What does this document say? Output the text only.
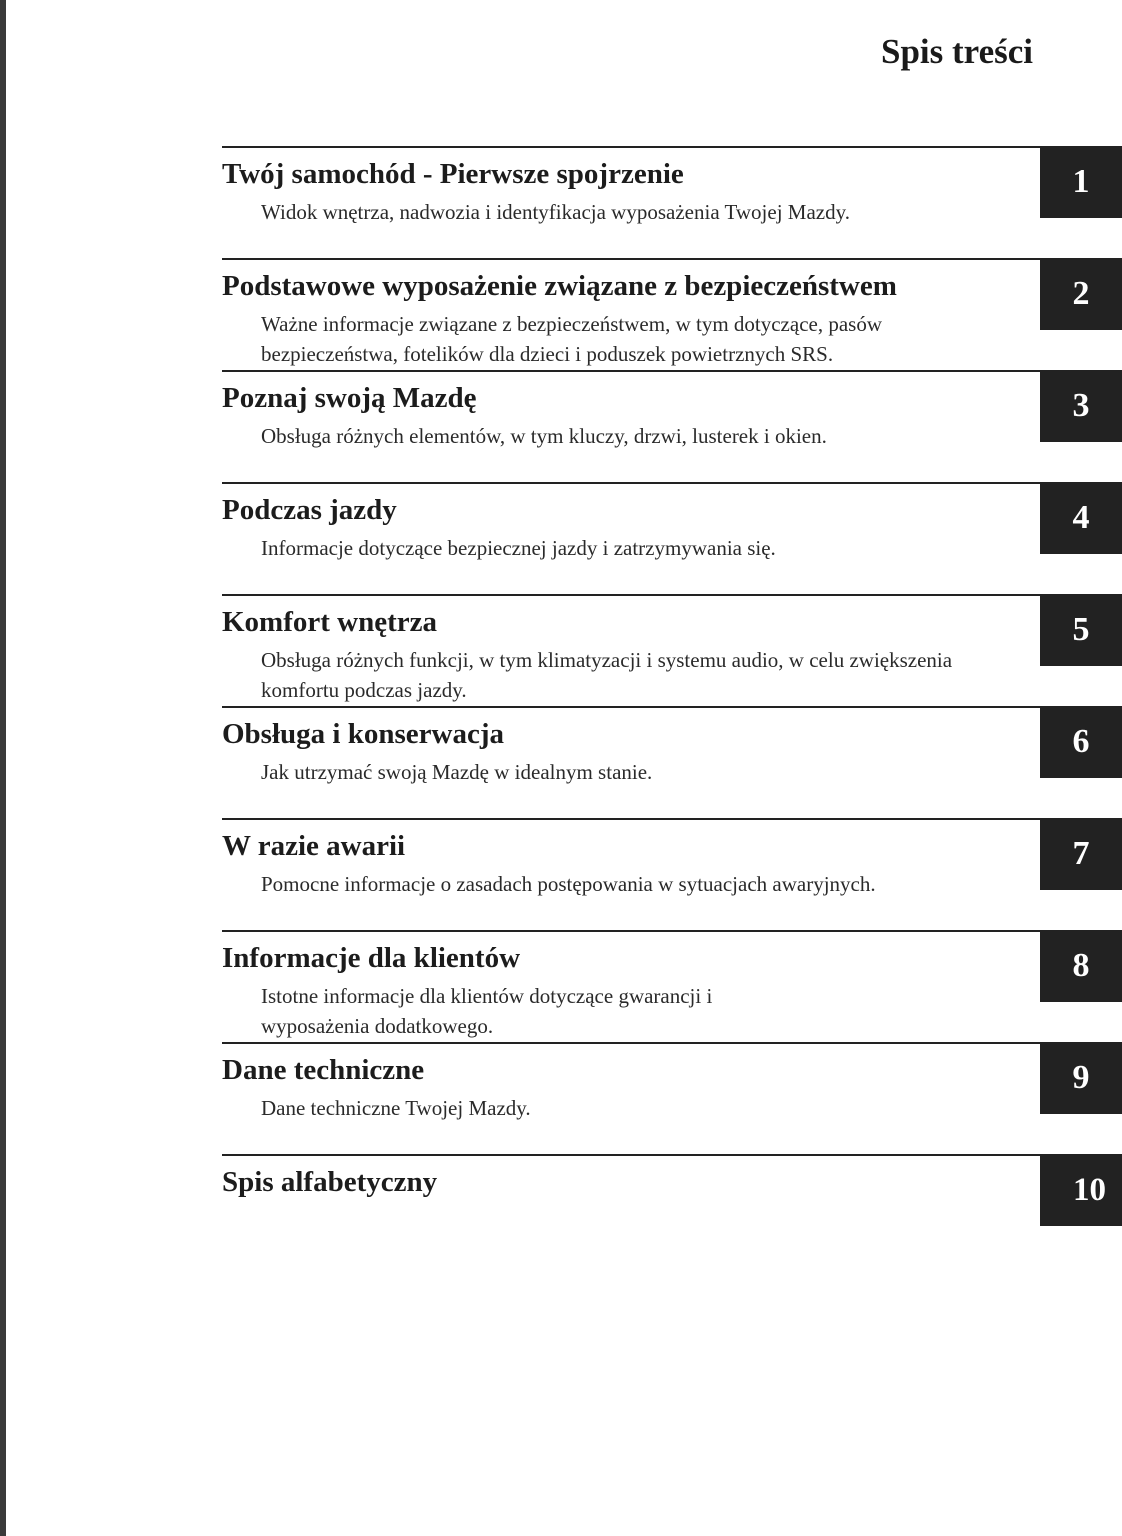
Spis treści
Twój samochód - Pierwsze spojrzenie

Widok wnętrza, nadwozia i identyfikacja wyposażenia Twojej Mazdy.

1
Podstawowe wyposażenie związane z bezpieczeństwem

Ważne informacje związane z bezpieczeństwem, w tym dotyczące, pasów bezpieczeństwa, fotelików dla dzieci i poduszek powietrznych SRS.

2
Poznaj swoją Mazdę

Obsługa różnych elementów, w tym kluczy, drzwi, lusterek i okien.

3
Podczas jazdy

Informacje dotyczące bezpiecznej jazdy i zatrzymywania się.

4
Komfort wnętrza

Obsługa różnych funkcji, w tym klimatyzacji i systemu audio, w celu zwiększenia komfortu podczas jazdy.

5
Obsługa i konserwacja

Jak utrzymać swoją Mazdę w idealnym stanie.

6
W razie awarii

Pomocne informacje o zasadach postępowania w sytuacjach awaryjnych.

7
Informacje dla klientów

Istotne informacje dla klientów dotyczące gwarancji i wyposażenia dodatkowego.

8
Dane techniczne

Dane techniczne Twojej Mazdy.

9
Spis alfabetyczny	10
